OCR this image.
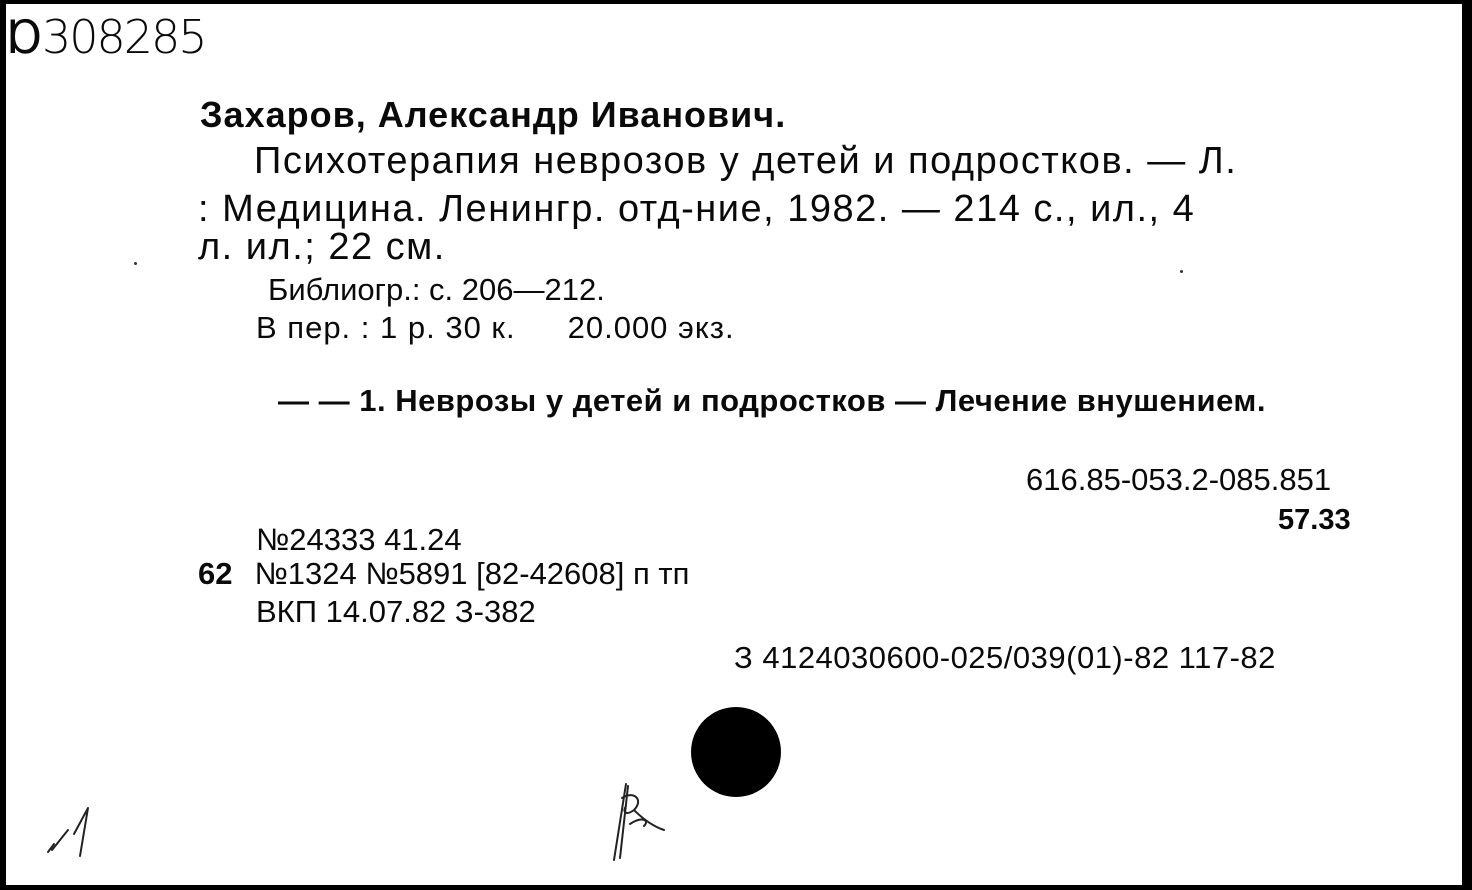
Ɒ308285
Захаров, Александр Иванович.
Психотерапия неврозов у детей и подростков. — Л.
: Медицина. Ленингр. отд-ние, 1982. — 214 с., ил., 4
л. ил.; 22 см.
Библиогр.: с. 206—212.
В пер. : 1 р. 30 к. 20.000 экз.
— — 1. Неврозы у детей и подростков — Лечение внушением.
616.85-053.2-085.851
57.33
№24333 41.24
62 №1324 №5891 [82-42608] п тп
ВКП 14.07.82 З-382
З 4124030600-025/039(01)-82 117-82
